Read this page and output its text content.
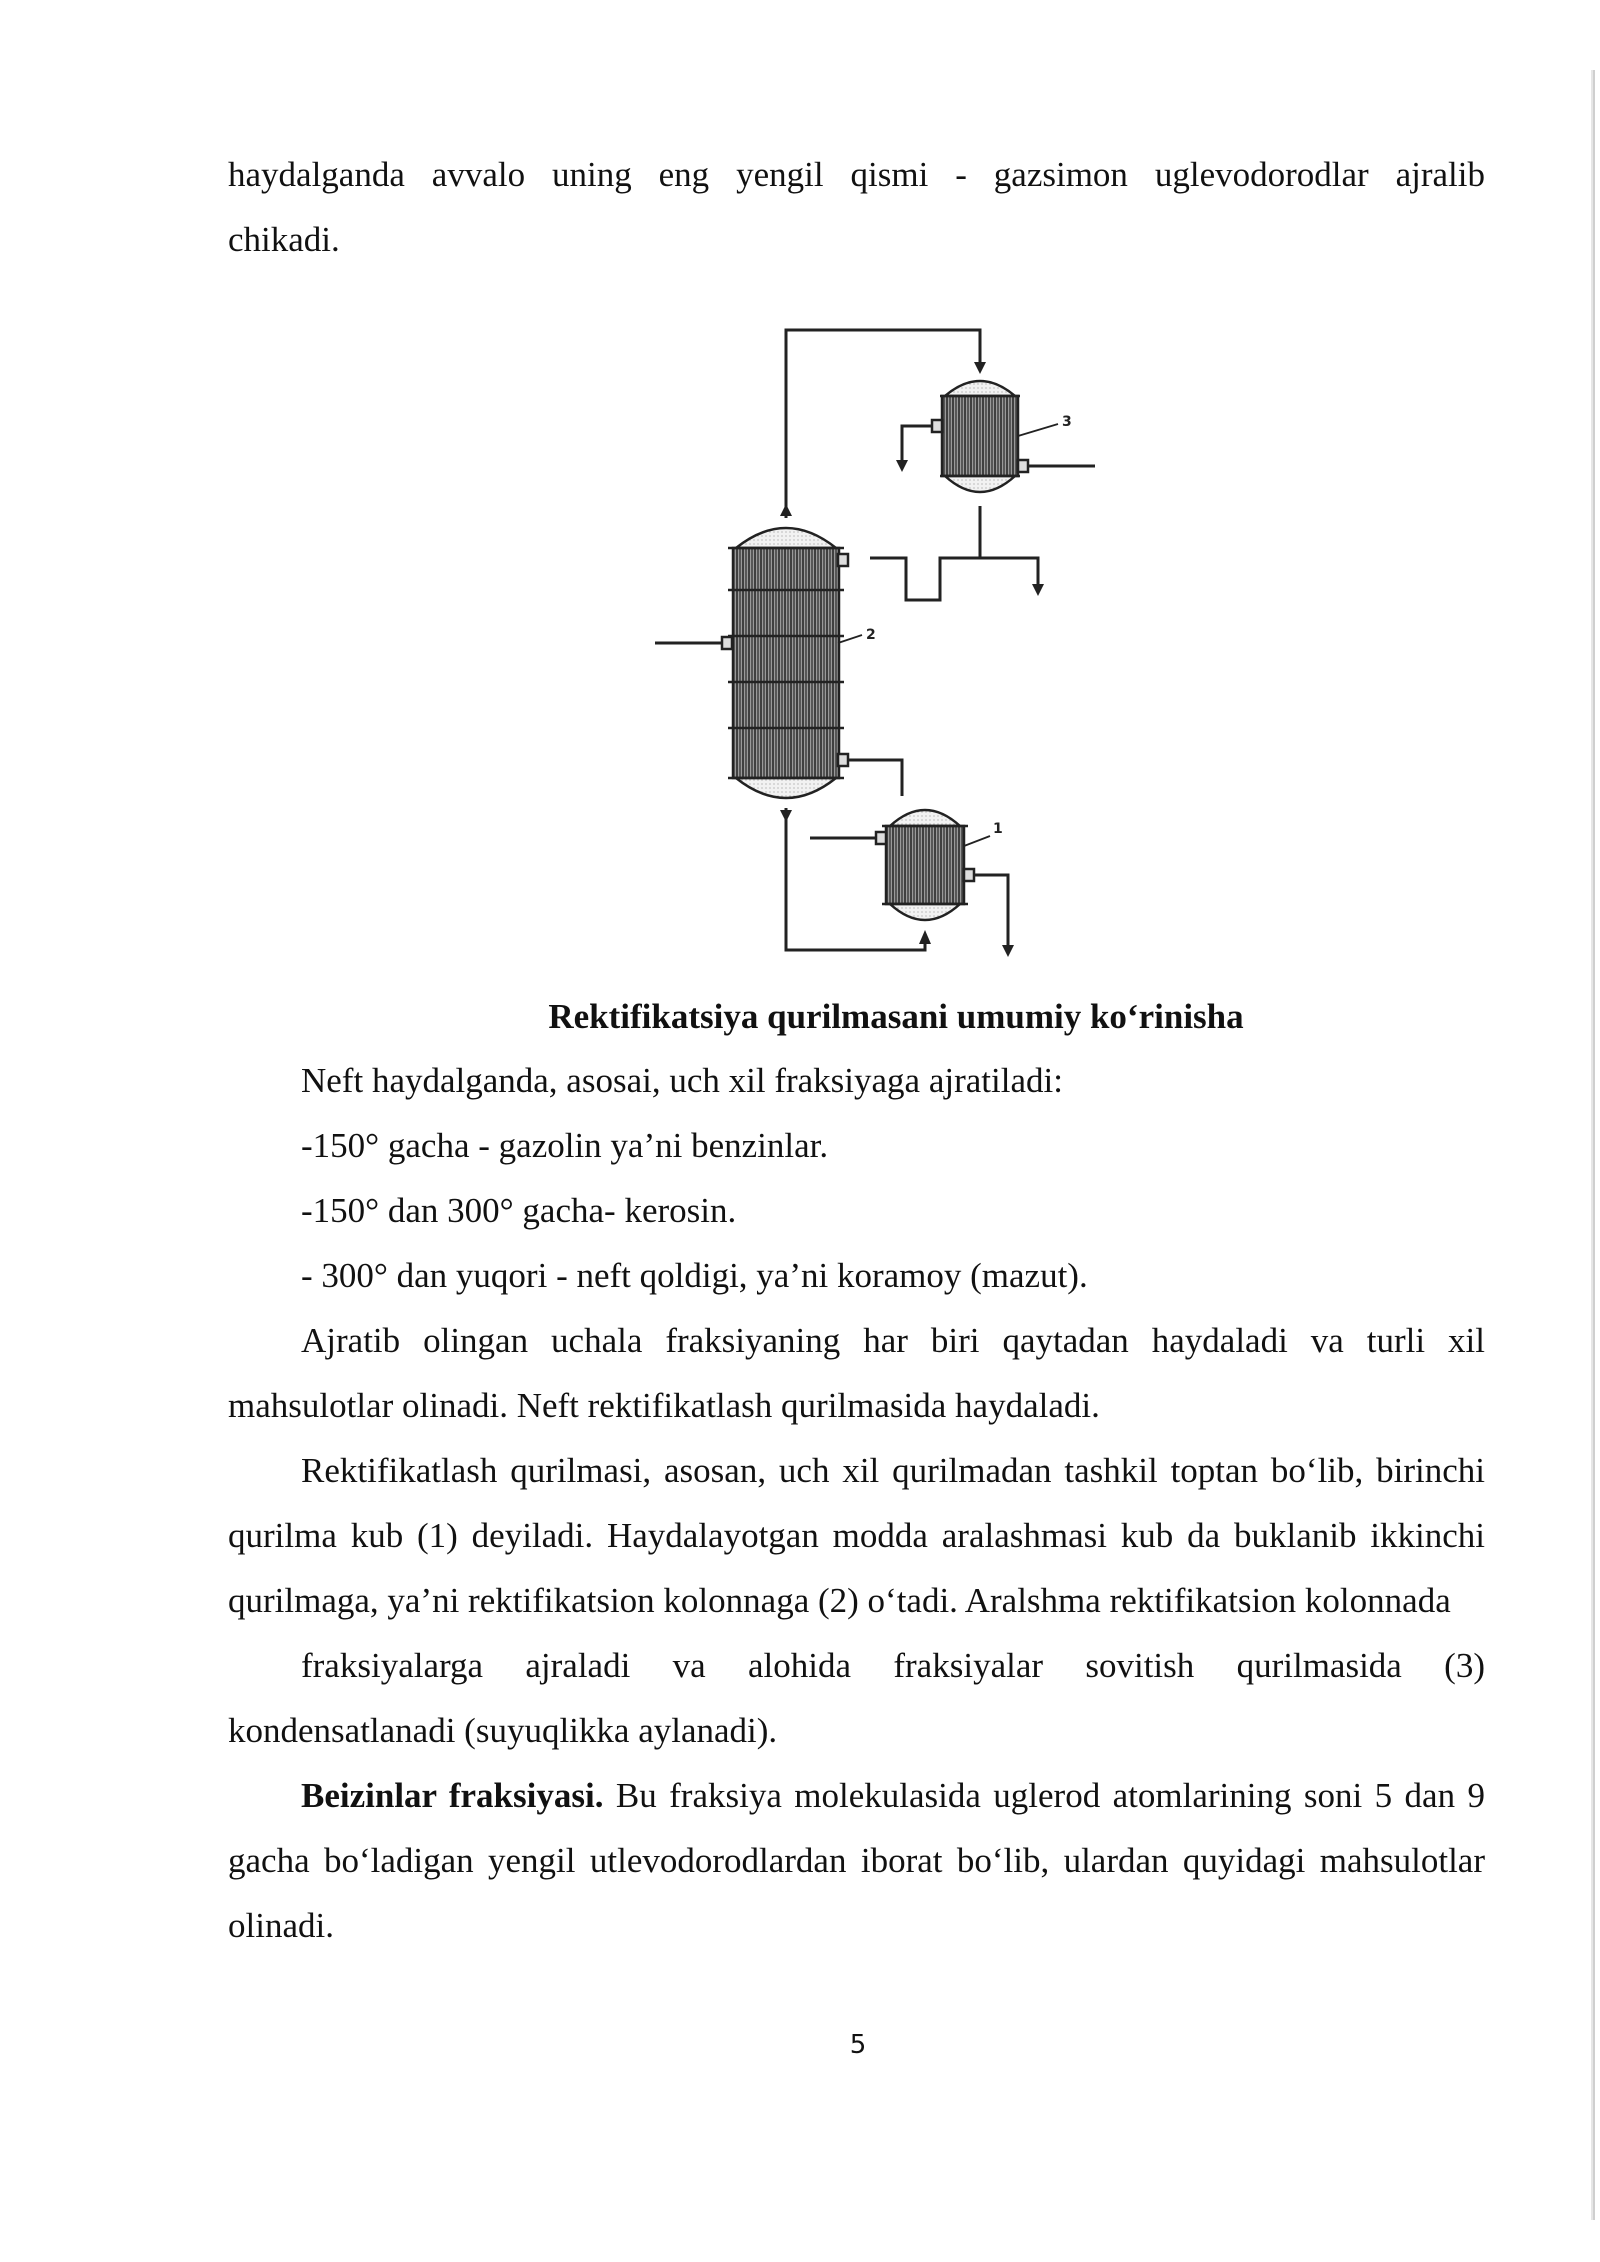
haydalganda avvalo uning eng yengil qismi - gazsimon uglevodorodlar ajralib

chikadi.

1
2
3
Rektifikatsiya qurilmasani umumiy ko‘rinisha

Neft haydalganda, asosai, uch xil fraksiyaga ajratiladi:

-150° gacha - gazolin ya’ni benzinlar.

-150° dan 300° gacha- kerosin.

- 300° dan yuqori - neft qoldigi, ya’ni koramoy (mazut).

Ajratib olingan uchala fraksiyaning har biri qaytadan haydaladi va turli xil mahsulotlar olinadi. Neft rektifikatlash qurilmasida haydaladi.

Rektifikatlash qurilmasi, asosan, uch xil qurilmadan tashkil toptan bo‘lib, birinchi qurilma kub (1) deyiladi. Haydalayotgan modda aralashmasi kub da buklanib ikkinchi qurilmaga, ya’ni rektifikatsion kolonnaga (2) o‘tadi. Aralshma rektifikatsion kolonnada

fraksiyalarga ajraladi va alohida fraksiyalar sovitish qurilmasida (3) kondensatlanadi (suyuqlikka aylanadi).

Beizinlar fraksiyasi. Bu fraksiya molekulasida uglerod atomlarining soni 5 dan 9 gacha bo‘ladigan yengil utlevodorodlardan iborat bo‘lib, ulardan quyidagi mahsulotlar olinadi.

5
